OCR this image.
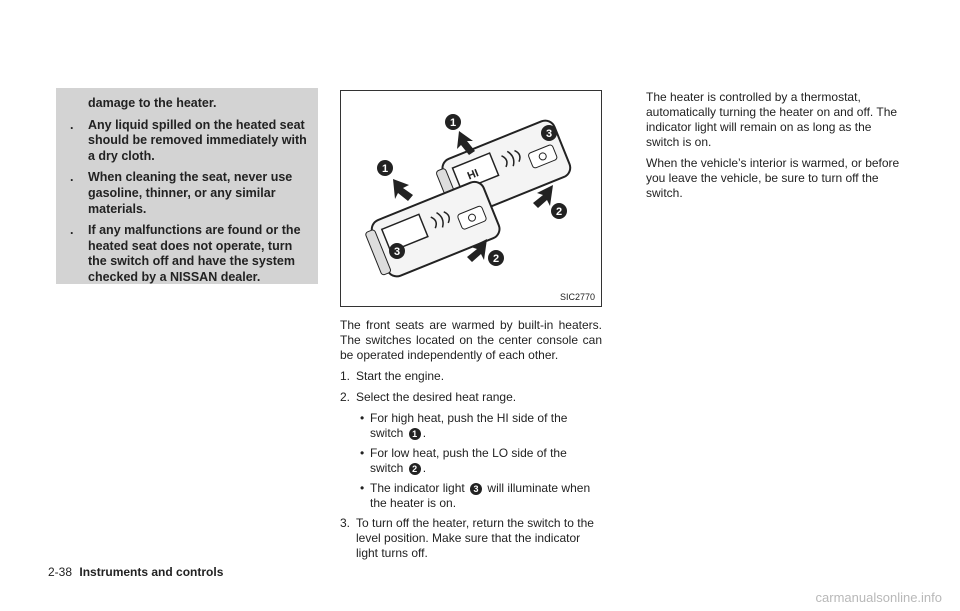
damage to the heater.
. Any liquid spilled on the heated seat should be removed immediately with a dry cloth.
. When cleaning the seat, never use gasoline, thinner, or any similar materials.
. If any malfunctions are found or the heated seat does not operate, turn the switch off and have the system checked by a NISSAN dealer.
HI
1
1
3
3
2
2
SIC2770

The front seats are warmed by built-in heaters. The switches located on the center console can be operated independently of each other.

1. Start the engine.
2. Select the desired heat range.
• For high heat, push the HI side of the switch 1 .
• For low heat, push the LO side of the switch 2 .
• The indicator light 3 will illuminate when the heater is on.
3. To turn off the heater, return the switch to the level position. Make sure that the indicator light turns off.

The heater is controlled by a thermostat, automatically turning the heater on and off. The indicator light will remain on as long as the switch is on.

When the vehicle’s interior is warmed, or before you leave the vehicle, be sure to turn off the switch.

2-38 Instruments and controls
carmanualsonline.info
